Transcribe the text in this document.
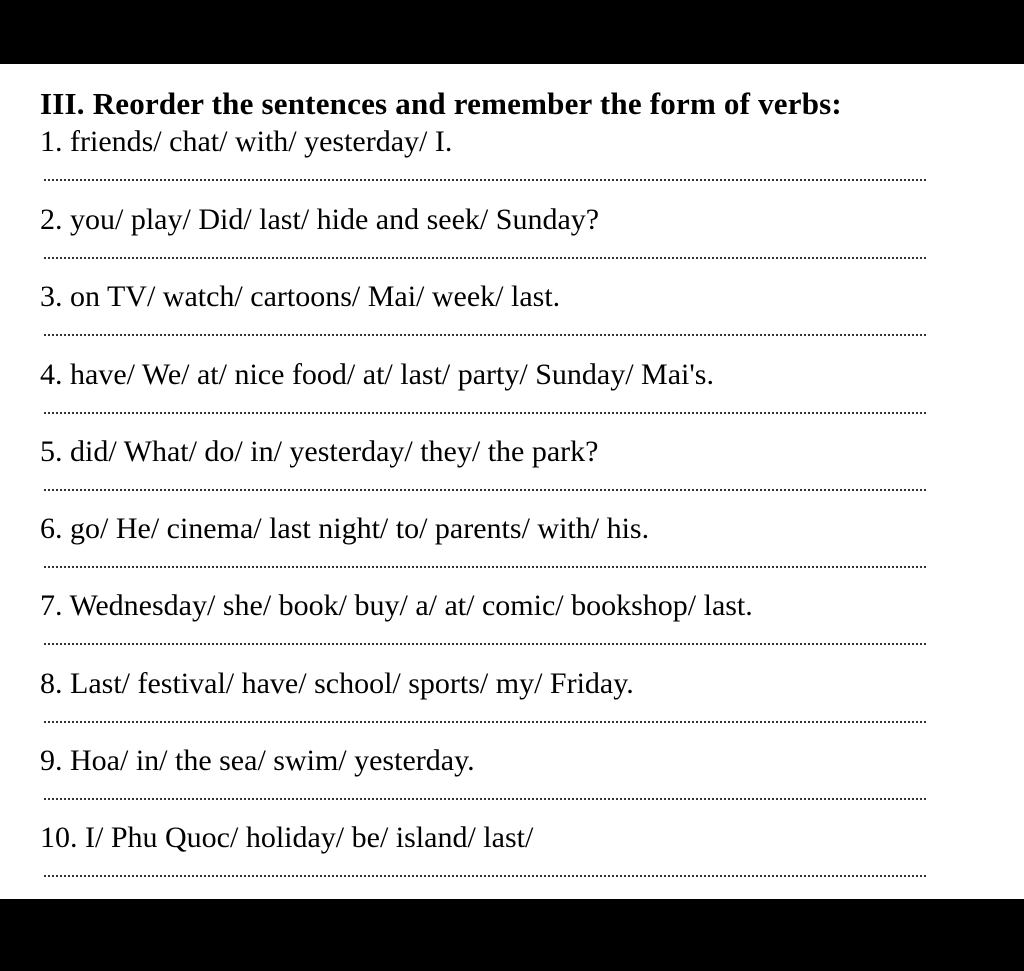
III. Reorder the sentences and remember the form of verbs:
1. friends/ chat/ with/ yesterday/ I.
2. you/ play/ Did/ last/ hide and seek/ Sunday?
3. on TV/ watch/ cartoons/ Mai/ week/ last.
4. have/ We/ at/ nice food/ at/ last/ party/ Sunday/ Mai's.
5. did/ What/ do/ in/ yesterday/ they/ the park?
6. go/ He/ cinema/ last night/ to/ parents/ with/ his.
7. Wednesday/ she/ book/ buy/ a/ at/ comic/ bookshop/ last.
8. Last/ festival/ have/ school/ sports/ my/ Friday.
9. Hoa/ in/ the sea/ swim/ yesterday.
10. I/ Phu Quoc/ holiday/ be/ island/ last/
